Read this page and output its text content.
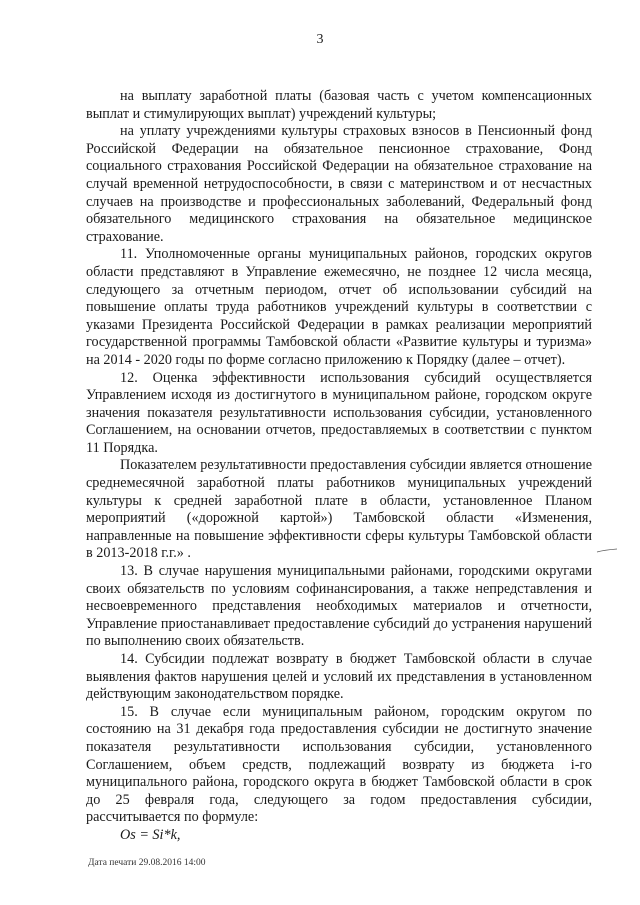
3

на выплату заработной платы (базовая часть с учетом компенсационных выплат и стимулирующих выплат) учреждений культуры;

на уплату учреждениями культуры страховых взносов в Пенсионный фонд Российской Федерации на обязательное пенсионное страхование, Фонд социального страхования Российской Федерации на обязательное страхование на случай временной нетрудоспособности, в связи с материнством и от несчастных случаев на производстве и профессиональных заболеваний, Федеральный фонд обязательного медицинского страхования на обязательное медицинское страхование.

11. Уполномоченные органы муниципальных районов, городских округов области представляют в Управление ежемесячно, не позднее 12 числа месяца, следующего за отчетным периодом, отчет об использовании субсидий на повышение оплаты труда работников учреждений культуры в соответствии с указами Президента Российской Федерации в рамках реализации мероприятий государственной программы Тамбовской области «Развитие культуры и туризма» на 2014 - 2020 годы по форме согласно приложению к Порядку (далее – отчет).

12. Оценка эффективности использования субсидий осуществляется Управлением исходя из достигнутого в муниципальном районе, городском округе значения показателя результативности использования субсидии, установленного Соглашением, на основании отчетов, предоставляемых в соответствии с пунктом 11 Порядка.

Показателем результативности предоставления субсидии является отношение среднемесячной заработной платы работников муниципальных учреждений культуры к средней заработной плате в области, установленное Планом мероприятий («дорожной картой») Тамбовской области «Изменения, направленные на повышение эффективности сферы культуры Тамбовской области в 2013-2018 г.г.» .

13. В случае нарушения муниципальными районами, городскими округами своих обязательств по условиям софинансирования, а также непредставления и несвоевременного представления необходимых материалов и отчетности, Управление приостанавливает предоставление субсидий до устранения нарушений по выполнению своих обязательств.

14. Субсидии подлежат возврату в бюджет Тамбовской области в случае выявления фактов нарушения целей и условий их представления в установленном действующим законодательством порядке.

15. В случае если муниципальным районом, городским округом по состоянию на 31 декабря года предоставления субсидии не достигнуто значение показателя результативности использования субсидии, установленного Соглашением, объем средств, подлежащий возврату из бюджета i-го муниципального района, городского округа в бюджет Тамбовской области в срок до 25 февраля года, следующего за годом предоставления субсидии, рассчитывается по формуле:

Os = Si*k,

Дата печати 29.08.2016 14:00
